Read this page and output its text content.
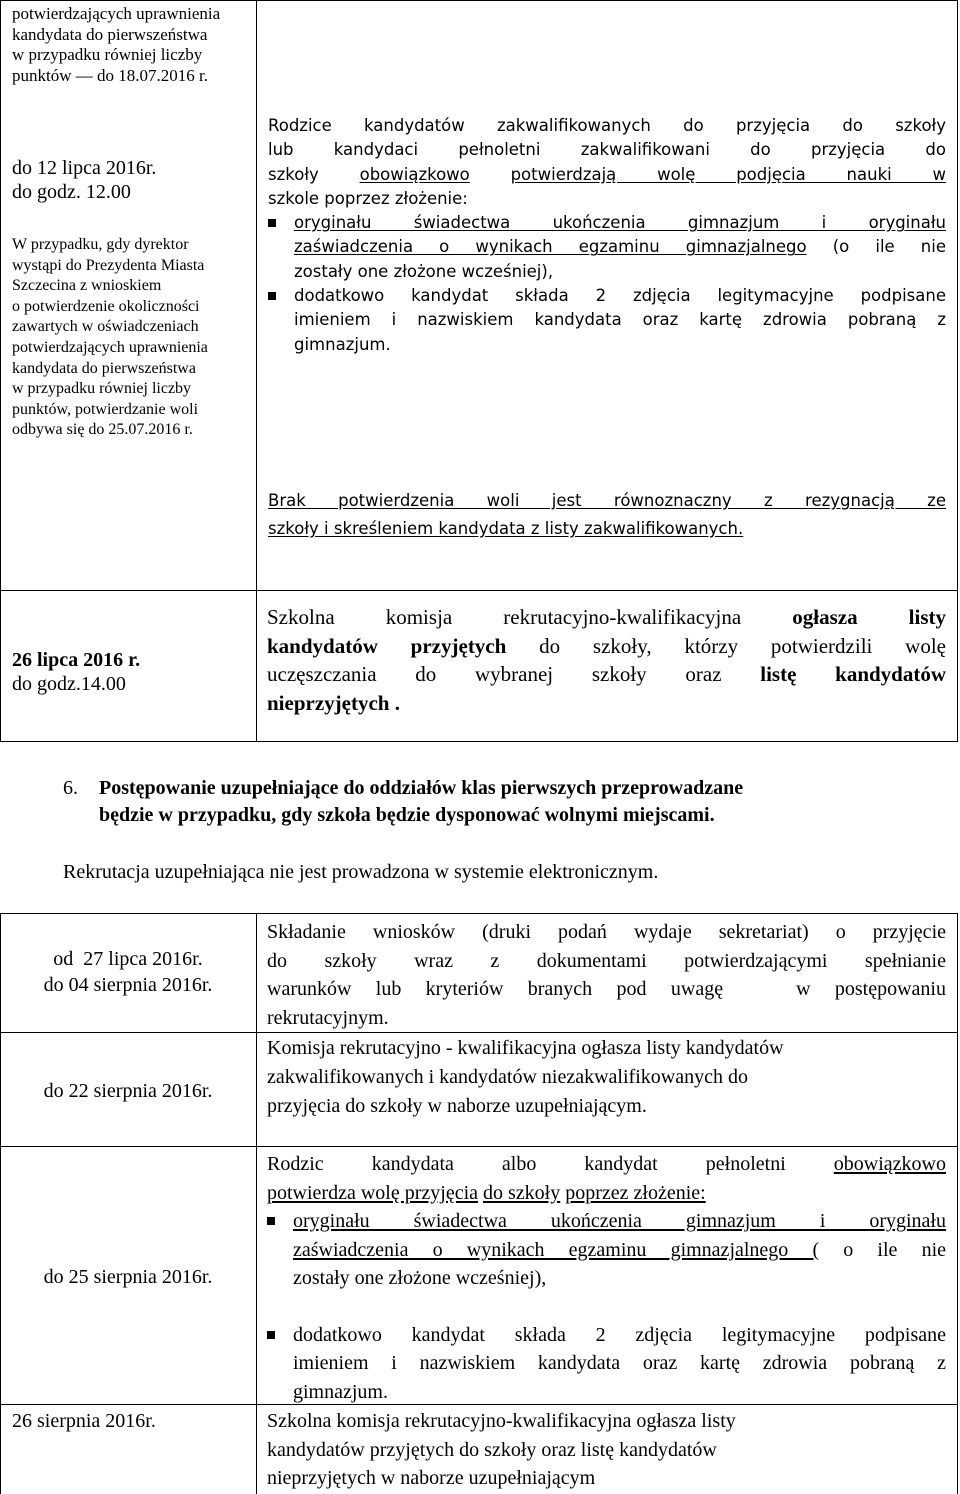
potwierdzających uprawnienia
kandydata do pierwszeństwa
w przypadku równiej liczby
punktów — do 18.07.2016 r.
do 12 lipca 2016r.
do godz. 12.00
W przypadku, gdy dyrektor
wystąpi do Prezydenta Miasta
Szczecina z wnioskiem
o potwierdzenie okoliczności
zawartych w oświadczeniach
potwierdzających uprawnienia
kandydata do pierwszeństwa
w przypadku równiej liczby
punktów, potwierdzanie woli
odbywa się do 25.07.2016 r.
Rodzice kandydatów zakwalifikowanych do przyjęcia do szkoły
lub kandydaci pełnoletni zakwalifikowani do przyjęcia do
szkoły obowiązkowo potwierdzają wolę podjęcia nauki w
szkole poprzez złożenie:
oryginału świadectwa ukończenia gimnazjum i oryginału
zaświadczenia o wynikach egzaminu gimnazjalnego (o ile nie
zostały one złożone wcześniej),
dodatkowo kandydat składa 2 zdjęcia legitymacyjne podpisane
imieniem i nazwiskiem kandydata oraz kartę zdrowia pobraną z
gimnazjum.
Brak potwierdzenia woli jest równoznaczny z rezygnacją ze
szkoły i skreśleniem kandydata z listy zakwalifikowanych.
26 lipca 2016 r.
do godz.14.00
Szkolna komisja rekrutacyjno-kwalifikacyjna ogłasza listy
kandydatów przyjętych do szkoły, którzy potwierdzili wolę
uczęszczania do wybranej szkoły oraz listę kandydatów
nieprzyjętych .
6. Postępowanie uzupełniające do oddziałów klas pierwszych przeprowadzane
będzie w przypadku, gdy szkoła będzie dysponować wolnymi miejscami.
Rekrutacja uzupełniająca nie jest prowadzona w systemie elektronicznym.
od  27 lipca 2016r.
do 04 sierpnia 2016r.
Składanie wniosków (druki podań wydaje sekretariat) o przyjęcie
do szkoły wraz z dokumentami potwierdzającymi spełnianie
warunków lub kryteriów branych pod uwagę   w postępowaniu
rekrutacyjnym.
do 22 sierpnia 2016r.
Komisja rekrutacyjno - kwalifikacyjna ogłasza listy kandydatów
zakwalifikowanych i kandydatów niezakwalifikowanych do
przyjęcia do szkoły w naborze uzupełniającym.
do 25 sierpnia 2016r.
Rodzic kandydata albo kandydat pełnoletni obowiązkowo
potwierdza wolę przyjęcia do szkoły poprzez złożenie:
oryginału świadectwa ukończenia gimnazjum i oryginału
zaświadczenia o wynikach egzaminu gimnazjalnego ( o ile nie
zostały one złożone wcześniej),
dodatkowo kandydat składa 2 zdjęcia legitymacyjne podpisane
imieniem i nazwiskiem kandydata oraz kartę zdrowia pobraną z
gimnazjum.
26 sierpnia 2016r.	Szkolna komisja rekrutacyjno-kwalifikacyjna ogłasza listy
kandydatów przyjętych do szkoły oraz listę kandydatów
nieprzyjętych w naborze uzupełniającym
